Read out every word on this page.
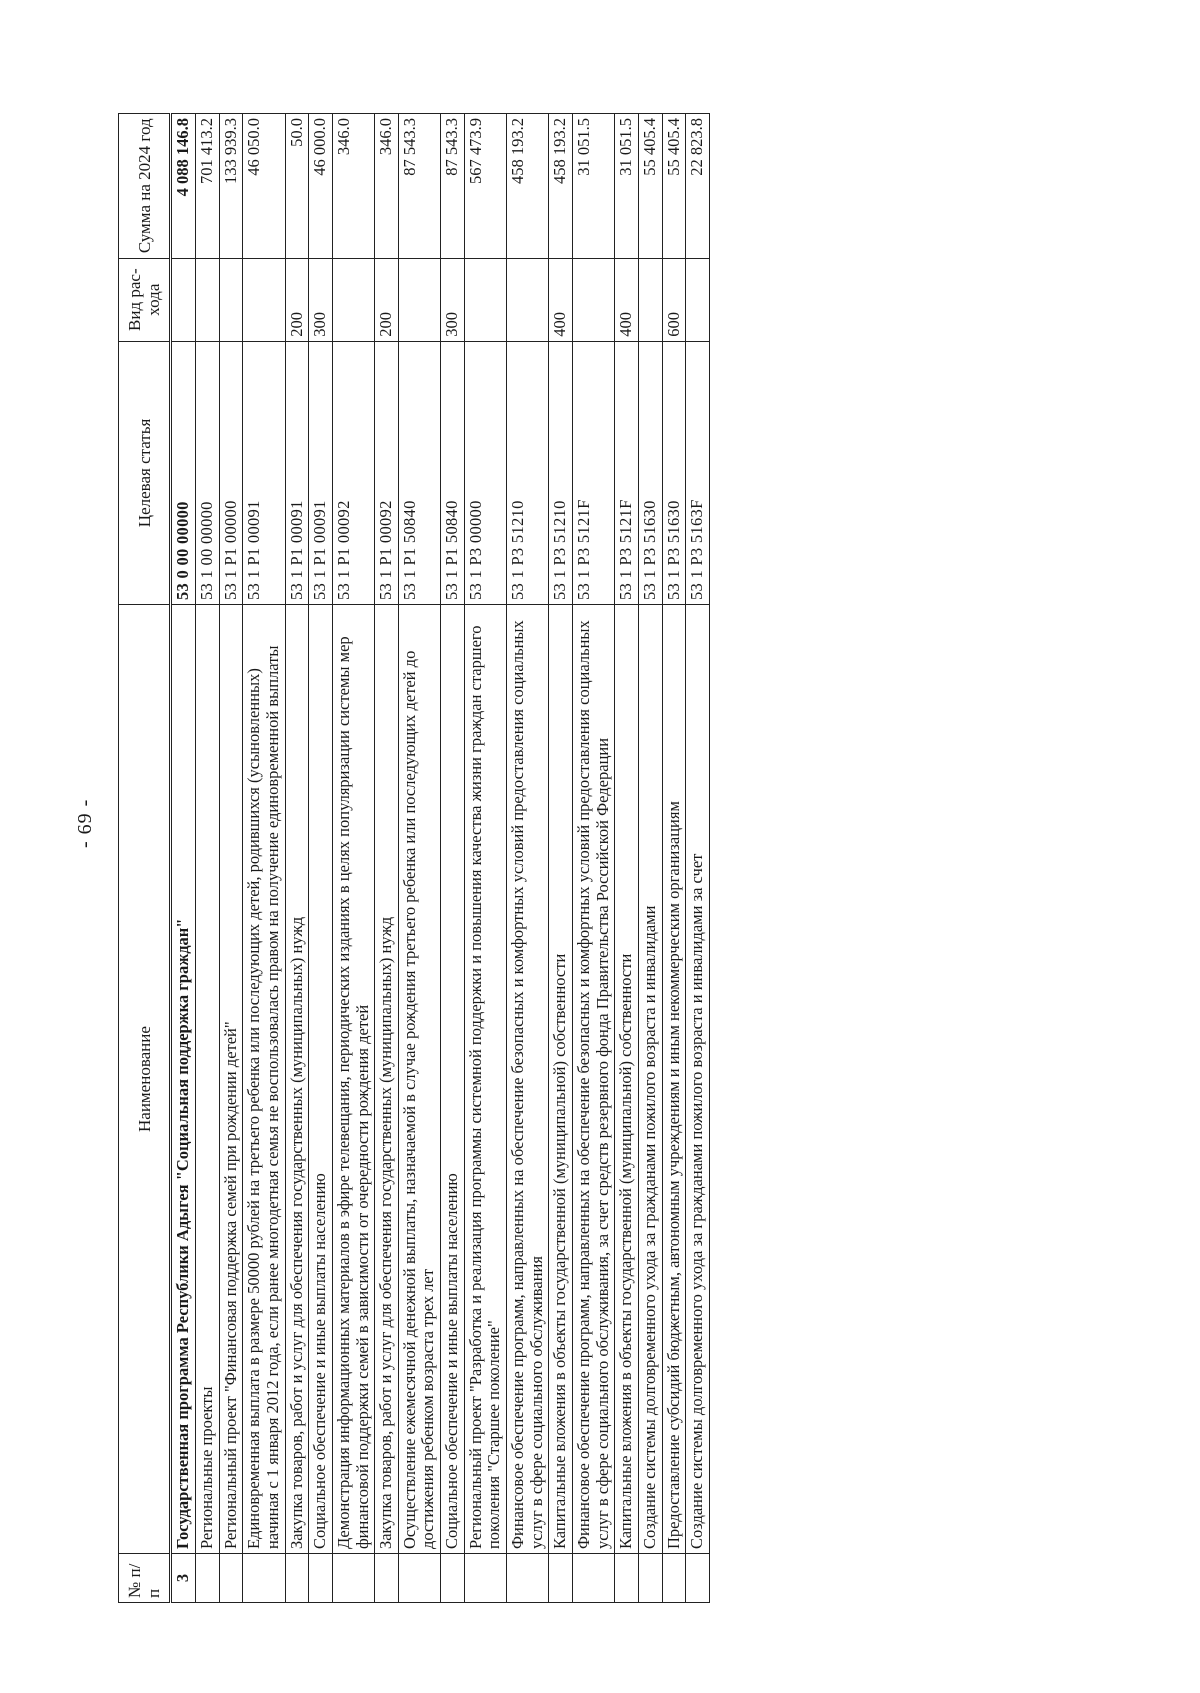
- 69 -
№ п/п	Наименование	Целевая статья	Вид рас- хода	Сумма на 2024 год
3	Государственная программа Республики Адыгея "Социальная поддержка граждан"	53 0 00 00000		4 088 146.8
	Региональные проекты	53 1 00 00000		701 413.2
	Региональный проект "Финансовая поддержка семей при рождении детей"	53 1 P1 00000		133 939.3
	Единовременная выплата в размере 50000 рублей на третьего ребенка или последующих детей, родившихся (усыновленных) начиная с 1 января 2012 года, если ранее многодетная семья не воспользовалась правом на получение единовременной выплаты	53 1 P1 00091		46 050.0
	Закупка товаров, работ и услуг для обеспечения государственных (муниципальных) нужд	53 1 P1 00091	200	50.0
	Социальное обеспечение и иные выплаты населению	53 1 P1 00091	300	46 000.0
	Демонстрация информационных материалов в эфире телевещания, периодических изданиях в целях популяризации системы мер финансовой поддержки семей в зависимости от очередности рождения детей	53 1 P1 00092		346.0
	Закупка товаров, работ и услуг для обеспечения государственных (муниципальных) нужд	53 1 P1 00092	200	346.0
	Осуществление ежемесячной денежной выплаты, назначаемой в случае рождения третьего ребенка или последующих детей до достижения ребенком возраста трех лет	53 1 P1 50840		87 543.3
	Социальное обеспечение и иные выплаты населению	53 1 P1 50840	300	87 543.3
	Региональный проект "Разработка и реализация программы системной поддержки и повышения качества жизни граждан старшего поколения "Старшее поколение"	53 1 P3 00000		567 473.9
	Финансовое обеспечение программ, направленных на обеспечение безопасных и комфортных условий предоставления социальных услуг в сфере социального обслуживания	53 1 P3 51210		458 193.2
	Капитальные вложения в объекты государственной (муниципальной) собственности	53 1 P3 51210	400	458 193.2
	Финансовое обеспечение программ, направленных на обеспечение безопасных и комфортных условий предоставления социальных услуг в сфере социального обслуживания, за счет средств резервного фонда Правительства Российской Федерации	53 1 P3 5121F		31 051.5
	Капитальные вложения в объекты государственной (муниципальной) собственности	53 1 P3 5121F	400	31 051.5
	Создание системы долговременного ухода за гражданами пожилого возраста и инвалидами	53 1 P3 51630		55 405.4
	Предоставление субсидий бюджетным, автономным учреждениям и иным некоммерческим организациям	53 1 P3 51630	600	55 405.4
	Создание системы долговременного ухода за гражданами пожилого возраста и инвалидами за счет	53 1 P3 5163F		22 823.8
